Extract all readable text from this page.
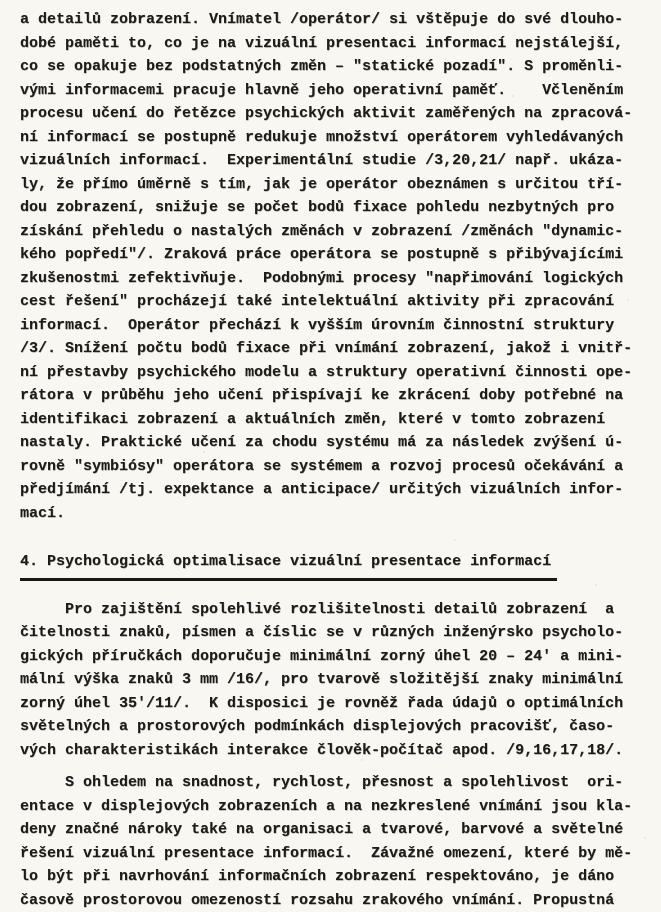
a detailů zobrazení. Vnímatel /operátor/ si vštěpuje do své dlouho-
dobé paměti to, co je na vizuální presentaci informací nejstálejší,
co se opakuje bez podstatných změn – "statické pozadí". S proměnli-
vými informacemi pracuje hlavně jeho operativní paměť.    Včleněním
procesu učení do řetězce psychických aktivit zaměřených na zpracová-
ní informací se postupně redukuje množství operátorem vyhledávaných
vizuálních informací.  Experimentální studie /3,20,21/ např. ukáza-
ly, že přímo úměrně s tím, jak je operátor obeznámen s určitou tří-
dou zobrazení, snižuje se počet bodů fixace pohledu nezbytných pro
získání přehledu o nastalých změnách v zobrazení /změnách "dynamic-
kého popředí"/. Zraková práce operátora se postupně s přibývajícími
zkušenostmi zefektivňuje.  Podobnými procesy "napřimování logických
cest řešení" procházejí také intelektuální aktivity při zpracování
informací.  Operátor přechází k vyšším úrovním činnostní struktury
/3/. Snížení počtu bodů fixace při vnímání zobrazení, jakož i vnitř-
ní přestavby psychického modelu a struktury operativní činnosti ope-
rátora v průběhu jeho učení přispívají ke zkrácení doby potřebné na
identifikaci zobrazení a aktuálních změn, které v tomto zobrazení
nastaly. Praktické učení za chodu systému má za následek zvýšení ú-
rovně "symbiósy" operátora se systémem a rozvoj procesů očekávání a
předjímání /tj. expektance a anticipace/ určitých vizuálních infor-
mací.
4. Psychologická optimalisace vizuální presentace informací
Pro zajištění spolehlivé rozlišitelnosti detailů zobrazení  a
čitelnosti znaků, písmen a číslic se v různých inženýrsko psycholo-
gických příručkách doporučuje minimální zorný úhel 20 – 24' a mini-
mální výška znaků 3 mm /16/, pro tvarově složitější znaky minimální
zorný úhel 35'/11/.  K disposici je rovněž řada údajů o optimálních
světelných a prostorových podmínkách displejových pracovišť, časo-
vých charakteristikách interakce člověk-počítač apod. /9,16,17,18/.
S ohledem na snadnost, rychlost, přesnost a spolehlivost  ori-
entace v displejových zobrazeních a na nezkreslené vnímání jsou kla-
deny značné nároky také na organisaci a tvarové, barvové a světelné
řešení vizuální presentace informací.  Závažné omezení, které by mě-
lo být při navrhování informačních zobrazení respektováno, je dáno
časově prostorovou omezeností rozsahu zrakového vnímání. Propustná
